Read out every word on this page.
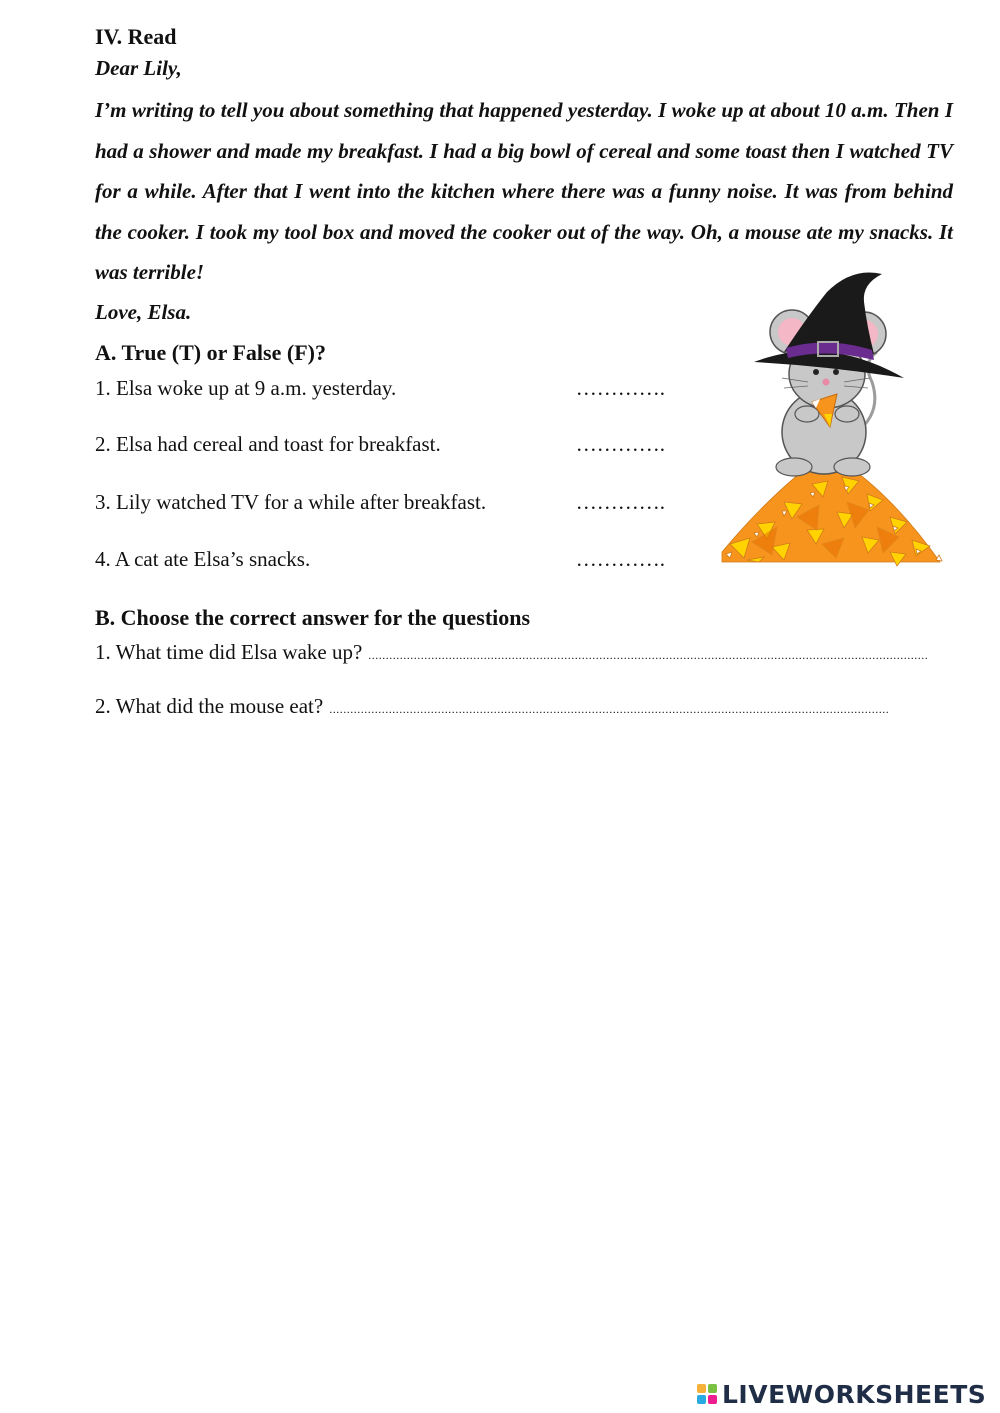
IV. Read
Dear Lily,
I’m writing to tell you about something that happened yesterday. I woke up at about 10 a.m. Then I had a shower and made my breakfast. I had a big bowl of cereal and some toast then I watched TV for a while. After that I went into the kitchen where there was a funny noise. It was from behind the cooker. I took my tool box and moved the cooker out of the way. Oh, a mouse ate my snacks. It was terrible!
Love, Elsa.
A. True (T) or False (F)?
1. Elsa woke up at 9 a.m. yesterday.	………….
2. Elsa had cereal and toast for breakfast.	………….
3. Lily watched TV for a while after breakfast.	………….
4. A cat ate Elsa’s snacks.	………….
B. Choose the correct answer for the questions
1. What time did Elsa wake up? ................................................................................................................................................................
2. What did the mouse eat? ................................................................................................................................................................
LIVEWORKSHEETS
